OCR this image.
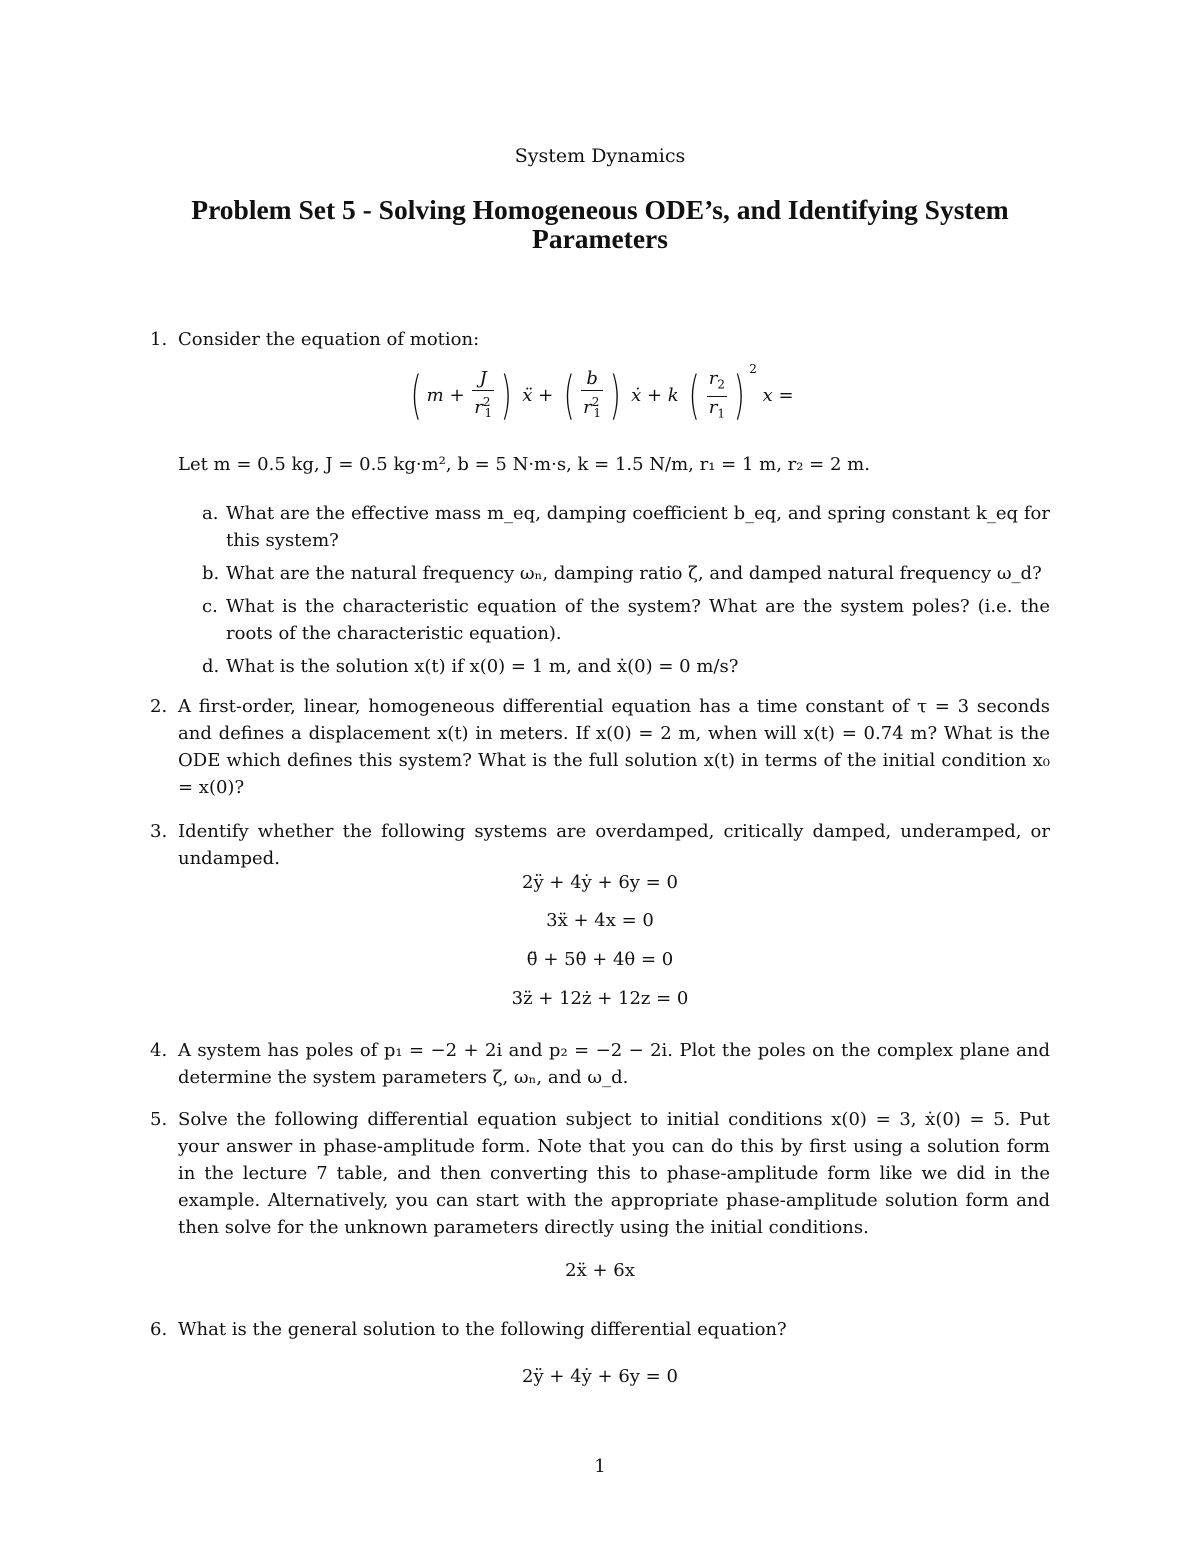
System Dynamics
Problem Set 5 - Solving Homogeneous ODE’s, and Identifying System Parameters
1. Consider the equation of motion:
( $m + \frac{J}{r^2_1}$ ) ẍ + ( $\frac{b}{r^2_1}$ ) ẋ + k ( $\frac{r_2}{r_1}$ ) $^2$ x =
Let m = 0.5 kg, J = 0.5 kg·m², b = 5 N·m·s, k = 1.5 N/m, r₁ = 1 m, r₂ = 2 m.
a. What are the effective mass m_eq, damping coefficient b_eq, and spring constant k_eq for this system?
b. What are the natural frequency ωₙ, damping ratio ζ, and damped natural frequency ω_d?
c. What is the characteristic equation of the system? What are the system poles? (i.e. the roots of the characteristic equation).
d. What is the solution x(t) if x(0) = 1 m, and ẋ(0) = 0 m/s?
2. A first-order, linear, homogeneous differential equation has a time constant of τ = 3 seconds and defines a displacement x(t) in meters. If x(0) = 2 m, when will x(t) = 0.74 m? What is the ODE which defines this system? What is the full solution x(t) in terms of the initial condition x₀ = x(0)?
3. Identify whether the following systems are overdamped, critically damped, underamped, or undamped.
2ÿ + 4ẏ + 6y = 0
3ẍ + 4x = 0
θ̈ + 5θ̇ + 4θ = 0
3z̈ + 12ż + 12z = 0
4. A system has poles of p₁ = −2 + 2i and p₂ = −2 − 2i. Plot the poles on the complex plane and determine the system parameters ζ, ωₙ, and ω_d.
5. Solve the following differential equation subject to initial conditions x(0) = 3, ẋ(0) = 5. Put your answer in phase-amplitude form. Note that you can do this by first using a solution form in the lecture 7 table, and then converting this to phase-amplitude form like we did in the example. Alternatively, you can start with the appropriate phase-amplitude solution form and then solve for the unknown parameters directly using the initial conditions.
2ẍ + 6x
6. What is the general solution to the following differential equation?
2ÿ + 4ẏ + 6y = 0
1
